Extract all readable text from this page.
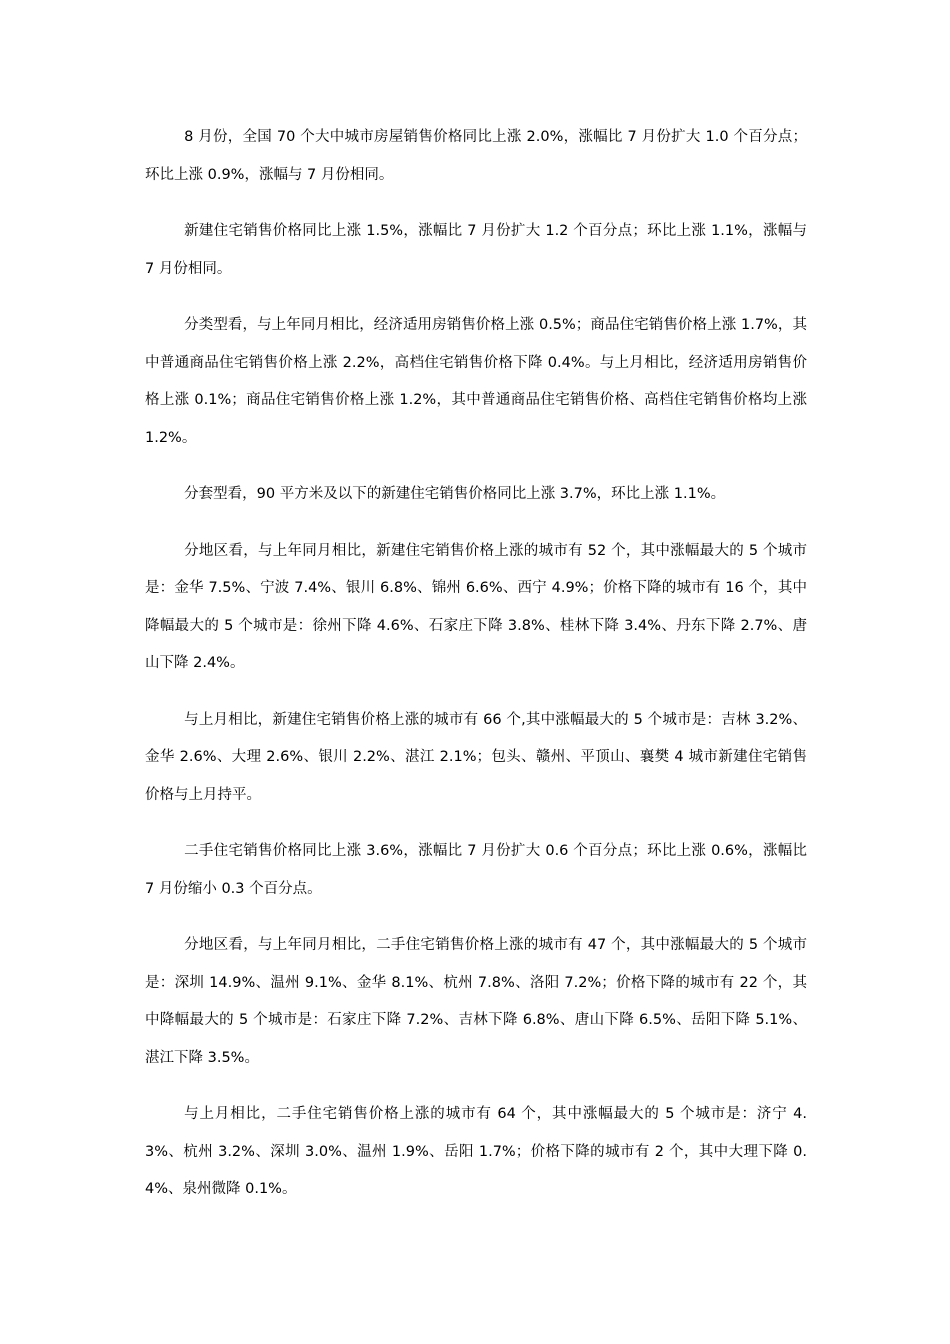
8 月份，全国 70 个大中城市房屋销售价格同比上涨 2.0%，涨幅比 7 月份扩大 1.0 个百分点；环比上涨 0.9%，涨幅与 7 月份相同。

新建住宅销售价格同比上涨 1.5%，涨幅比 7 月份扩大 1.2 个百分点；环比上涨 1.1%，涨幅与 7 月份相同。

分类型看，与上年同月相比，经济适用房销售价格上涨 0.5%；商品住宅销售价格上涨 1.7%，其中普通商品住宅销售价格上涨 2.2%，高档住宅销售价格下降 0.4%。与上月相比，经济适用房销售价格上涨 0.1%；商品住宅销售价格上涨 1.2%，其中普通商品住宅销售价格、高档住宅销售价格均上涨 1.2%。

分套型看，90 平方米及以下的新建住宅销售价格同比上涨 3.7%，环比上涨 1.1%。

分地区看，与上年同月相比，新建住宅销售价格上涨的城市有 52 个，其中涨幅最大的 5 个城市是：金华 7.5%、宁波 7.4%、银川 6.8%、锦州 6.6%、西宁 4.9%；价格下降的城市有 16 个，其中降幅最大的 5 个城市是：徐州下降 4.6%、石家庄下降 3.8%、桂林下降 3.4%、丹东下降 2.7%、唐山下降 2.4%。

与上月相比，新建住宅销售价格上涨的城市有 66 个,其中涨幅最大的 5 个城市是：吉林 3.2%、金华 2.6%、大理 2.6%、银川 2.2%、湛江 2.1%；包头、赣州、平顶山、襄樊 4 城市新建住宅销售价格与上月持平。

二手住宅销售价格同比上涨 3.6%，涨幅比 7 月份扩大 0.6 个百分点；环比上涨 0.6%，涨幅比 7 月份缩小 0.3 个百分点。

分地区看，与上年同月相比，二手住宅销售价格上涨的城市有 47 个，其中涨幅最大的 5 个城市是：深圳 14.9%、温州 9.1%、金华 8.1%、杭州 7.8%、洛阳 7.2%；价格下降的城市有 22 个，其中降幅最大的 5 个城市是：石家庄下降 7.2%、吉林下降 6.8%、唐山下降 6.5%、岳阳下降 5.1%、湛江下降 3.5%。

与上月相比，二手住宅销售价格上涨的城市有 64 个，其中涨幅最大的 5 个城市是：济宁 4.3%、杭州 3.2%、深圳 3.0%、温州 1.9%、岳阳 1.7%；价格下降的城市有 2 个，其中大理下降 0.4%、泉州微降 0.1%。
